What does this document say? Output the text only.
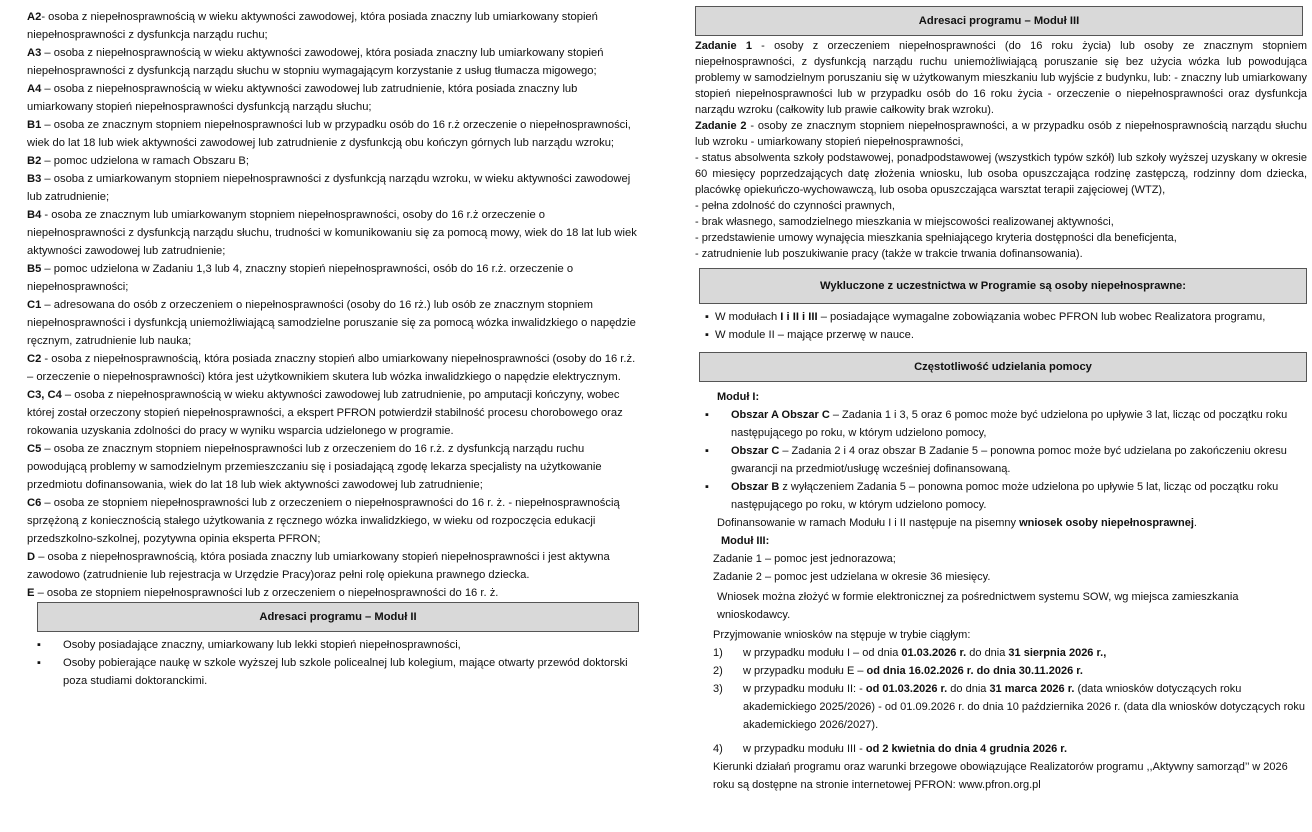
A2- osoba z niepełnosprawnością w wieku aktywności zawodowej, która posiada znaczny lub umiarkowany stopień niepełnosprawności z dysfunkcja narządu ruchu;

A3 – osoba z niepełnosprawnością w wieku aktywności zawodowej, która posiada znaczny lub umiarkowany stopień niepełnosprawności z dysfunkcją narządu słuchu w stopniu wymagającym korzystanie z usług tłumacza migowego;

A4 – osoba z niepełnosprawnością w wieku aktywności zawodowej lub zatrudnienie, która posiada znaczny lub umiarkowany stopień niepełnosprawności dysfunkcją narządu słuchu;

B1 – osoba ze znacznym stopniem niepełnosprawności lub w przypadku osób do 16 r.ż orzeczenie o niepełnosprawności, wiek do lat 18 lub wiek aktywności zawodowej lub zatrudnienie z dysfunkcją obu kończyn górnych lub narządu wzroku;

B2 – pomoc udzielona w ramach Obszaru B;

B3 – osoba z umiarkowanym stopniem niepełnosprawności z dysfunkcją narządu wzroku, w wieku aktywności zawodowej lub zatrudnienie;

B4 - osoba ze znacznym lub umiarkowanym stopniem niepełnosprawności, osoby do 16 r.ż orzeczenie o niepełnosprawności z dysfunkcją narządu słuchu, trudności w komunikowaniu się za pomocą mowy, wiek do 18 lat lub wiek aktywności zawodowej lub zatrudnienie;

B5 – pomoc udzielona w Zadaniu 1,3 lub 4, znaczny stopień niepełnosprawności, osób do 16 r.ż. orzeczenie o niepełnosprawności;

C1 – adresowana do osób z orzeczeniem o niepełnosprawności (osoby do 16 rż.) lub osób ze znacznym stopniem niepełnosprawności i dysfunkcją uniemożliwiającą samodzielne poruszanie się za pomocą wózka inwalidzkiego o napędzie ręcznym, zatrudnienie lub nauka;

C2 - osoba z niepełnosprawnością, która posiada znaczny stopień albo umiarkowany niepełnosprawności (osoby do 16 r.ż. – orzeczenie o niepełnosprawności) która jest użytkownikiem skutera lub wózka inwalidzkiego o napędzie elektrycznym.

C3, C4 – osoba z niepełnosprawnością w wieku aktywności zawodowej lub zatrudnienie, po amputacji kończyny, wobec której został orzeczony stopień niepełnosprawności, a ekspert PFRON potwierdził stabilność procesu chorobowego oraz rokowania uzyskania zdolności do pracy w wyniku wsparcia udzielonego w programie.

C5 – osoba ze znacznym stopniem niepełnosprawności lub z orzeczeniem do 16 r.ż. z dysfunkcją narządu ruchu powodującą problemy w samodzielnym przemieszczaniu się i posiadającą zgodę lekarza specjalisty na użytkowanie przedmiotu dofinansowania, wiek do lat 18 lub wiek aktywności zawodowej lub zatrudnienie;

C6 – osoba ze stopniem niepełnosprawności lub z orzeczeniem o niepełnosprawności do 16 r. ż. - niepełnosprawnością sprzężoną z koniecznością stałego użytkowania z ręcznego wózka inwalidzkiego, w wieku od rozpoczęcia edukacji przedszkolno-szkolnej, pozytywna opinia eksperta PFRON;

D – osoba z niepełnosprawnością, która posiada znaczny lub umiarkowany stopień niepełnosprawności i jest aktywna zawodowo (zatrudnienie lub rejestracja w Urzędzie Pracy)oraz pełni rolę opiekuna prawnego dziecka.

E – osoba ze stopniem niepełnosprawności lub z orzeczeniem o niepełnosprawności do 16 r. ż.

Adresaci programu – Moduł II
▪ Osoby posiadające znaczny, umiarkowany lub lekki stopień niepełnosprawności,
▪ Osoby pobierające naukę w szkole wyższej lub szkole policealnej lub kolegium, mające otwarty przewód doktorski poza studiami doktoranckimi.
Adresaci programu – Moduł III

Zadanie 1 - osoby z orzeczeniem niepełnosprawności (do 16 roku życia) lub osoby ze znacznym stopniem niepełnosprawności, z dysfunkcją narządu ruchu uniemożliwiającą poruszanie się bez użycia wózka lub powodująca problemy w samodzielnym poruszaniu się w użytkowanym mieszkaniu lub wyjście z budynku, lub: - znaczny lub umiarkowany stopień niepełnosprawności lub w przypadku osób do 16 roku życia - orzeczenie o niepełnosprawności oraz dysfunkcja narządu wzroku (całkowity lub prawie całkowity brak wzroku).

Zadanie 2 - osoby ze znacznym stopniem niepełnosprawności, a w przypadku osób z niepełnosprawnością narządu słuchu lub wzroku - umiarkowany stopień niepełnosprawności,

- status absolwenta szkoły podstawowej, ponadpodstawowej (wszystkich typów szkół) lub szkoły wyższej uzyskany w okresie 60 miesięcy poprzedzających datę złożenia wniosku, lub osoba opuszczająca rodzinę zastępczą, rodzinny dom dziecka, placówkę opiekuńczo-wychowawczą, lub osoba opuszczająca warsztat terapii zajęciowej (WTZ),

- pełna zdolność do czynności prawnych,

- brak własnego, samodzielnego mieszkania w miejscowości realizowanej aktywności,

- przedstawienie umowy wynajęcia mieszkania spełniającego kryteria dostępności dla beneficjenta,

- zatrudnienie lub poszukiwanie pracy (także w trakcie trwania dofinansowania).

Wykluczone z uczestnictwa w Programie są osoby niepełnosprawne:
▪ W modułach I i II i III – posiadające wymagalne zobowiązania wobec PFRON lub wobec Realizatora programu,
▪ W module II – mające przerwę w nauce.
Częstotliwość udzielania pomocy

Moduł I:

▪ Obszar A Obszar C – Zadania 1 i 3, 5 oraz 6 pomoc może być udzielona po upływie 3 lat, licząc od początku roku następującego po roku, w którym udzielono pomocy,
▪ Obszar C – Zadania 2 i 4 oraz obszar B Zadanie 5 – ponowna pomoc może być udzielana po zakończeniu okresu gwarancji na przedmiot/usługę wcześniej dofinansowaną.
▪ Obszar B z wyłączeniem Zadania 5 – ponowna pomoc może udzielona po upływie 5 lat, licząc od początku roku następującego po roku, w którym udzielono pomocy.

Dofinansowanie w ramach Modułu I i II następuje na pisemny wniosek osoby niepełnosprawnej.

Moduł III:

Zadanie 1 – pomoc jest jednorazowa;

Zadanie 2 – pomoc jest udzielana w okresie 36 miesięcy.

Wniosek można złożyć w formie elektronicznej za pośrednictwem systemu SOW, wg miejsca zamieszkania wnioskodawcy.

Przyjmowanie wniosków na stępuje w trybie ciągłym:

1)	w przypadku modułu I – od dnia 01.03.2026 r. do dnia 31 sierpnia 2026 r.,
2)	w przypadku modułu E – od dnia 16.02.2026 r. do dnia 30.11.2026 r.
3)	w przypadku modułu II: - od 01.03.2026 r. do dnia 31 marca 2026 r. (data wniosków dotyczących roku akademickiego 2025/2026) - od 01.09.2026 r. do dnia 10 października 2026 r. (data dla wniosków dotyczących roku akademickiego 2026/2027).
4)	w przypadku modułu III - od 2 kwietnia do dnia 4 grudnia 2026 r.

Kierunki działań programu oraz warunki brzegowe obowiązujące Realizatorów programu ,,Aktywny samorząd’’ w 2026 roku są dostępne na stronie internetowej PFRON: www.pfron.org.pl
